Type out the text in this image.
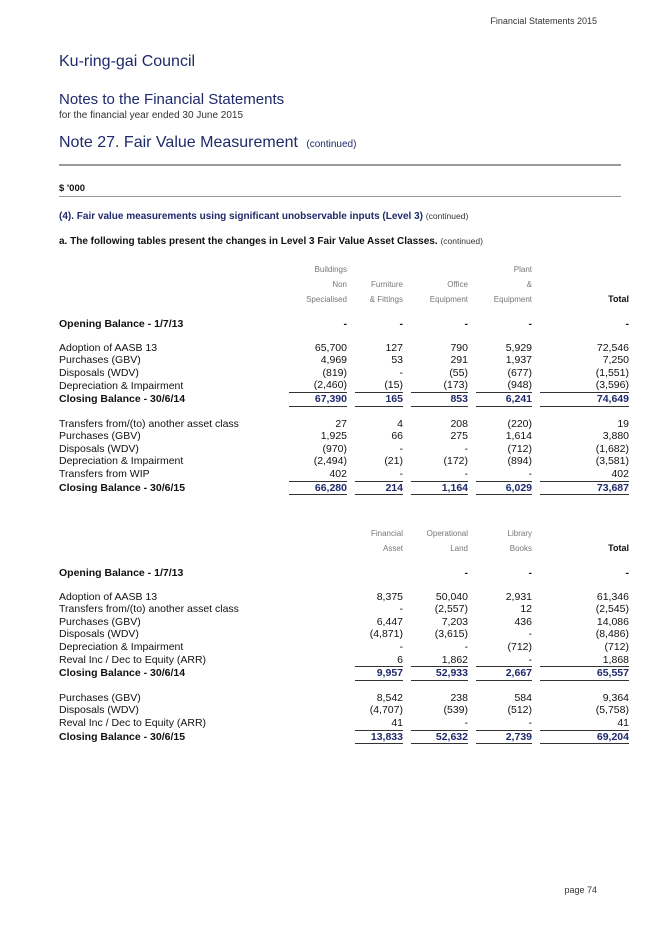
Financial Statements 2015
Ku-ring-gai Council
Notes to the Financial Statements
for the financial year ended 30 June 2015
Note 27. Fair Value Measurement (continued)
$ '000
(4). Fair value measurements using significant unobservable inputs (Level 3) (continued)
a. The following tables present the changes in Level 3 Fair Value Asset Classes. (continued)
	Buildings						Plant		
	Non		Furniture		Office		&		
	Specialised		& Fittings		Equipment		Equipment		Total

Opening Balance - 1/7/13	-		-		-		-		-

Adoption of AASB 13	65,700		127		790		5,929		72,546
Purchases (GBV)	4,969		53		291		1,937		7,250
Disposals (WDV)	(819)		-		(55)		(677)		(1,551)
Depreciation & Impairment	(2,460)		(15)		(173)		(948)		(3,596)
Closing Balance - 30/6/14	67,390		165		853		6,241		74,649

Transfers from/(to) another asset class	27		4		208		(220)		19
Purchases (GBV)	1,925		66		275		1,614		3,880
Disposals (WDV)	(970)		-		-		(712)		(1,682)
Depreciation & Impairment	(2,494)		(21)		(172)		(894)		(3,581)
Transfers from WIP	402		-		-		-		402
Closing Balance - 30/6/15	66,280		214		1,164		6,029		73,687

			Financial		Operational		Library		
			Asset		Land		Books		Total

Opening Balance - 1/7/13					-		-		-

Adoption of AASB 13			8,375		50,040		2,931		61,346
Transfers from/(to) another asset class			-		(2,557)		12		(2,545)
Purchases (GBV)			6,447		7,203		436		14,086
Disposals (WDV)			(4,871)		(3,615)		-		(8,486)
Depreciation & Impairment			-		-		(712)		(712)
Reval Inc / Dec to Equity (ARR)			6		1,862		-		1,868
Closing Balance - 30/6/14			9,957		52,933		2,667		65,557

Purchases (GBV)			8,542		238		584		9,364
Disposals (WDV)			(4,707)		(539)		(512)		(5,758)
Reval Inc / Dec to Equity (ARR)			41		-		-		41
Closing Balance - 30/6/15			13,833		52,632		2,739		69,204
page 74
